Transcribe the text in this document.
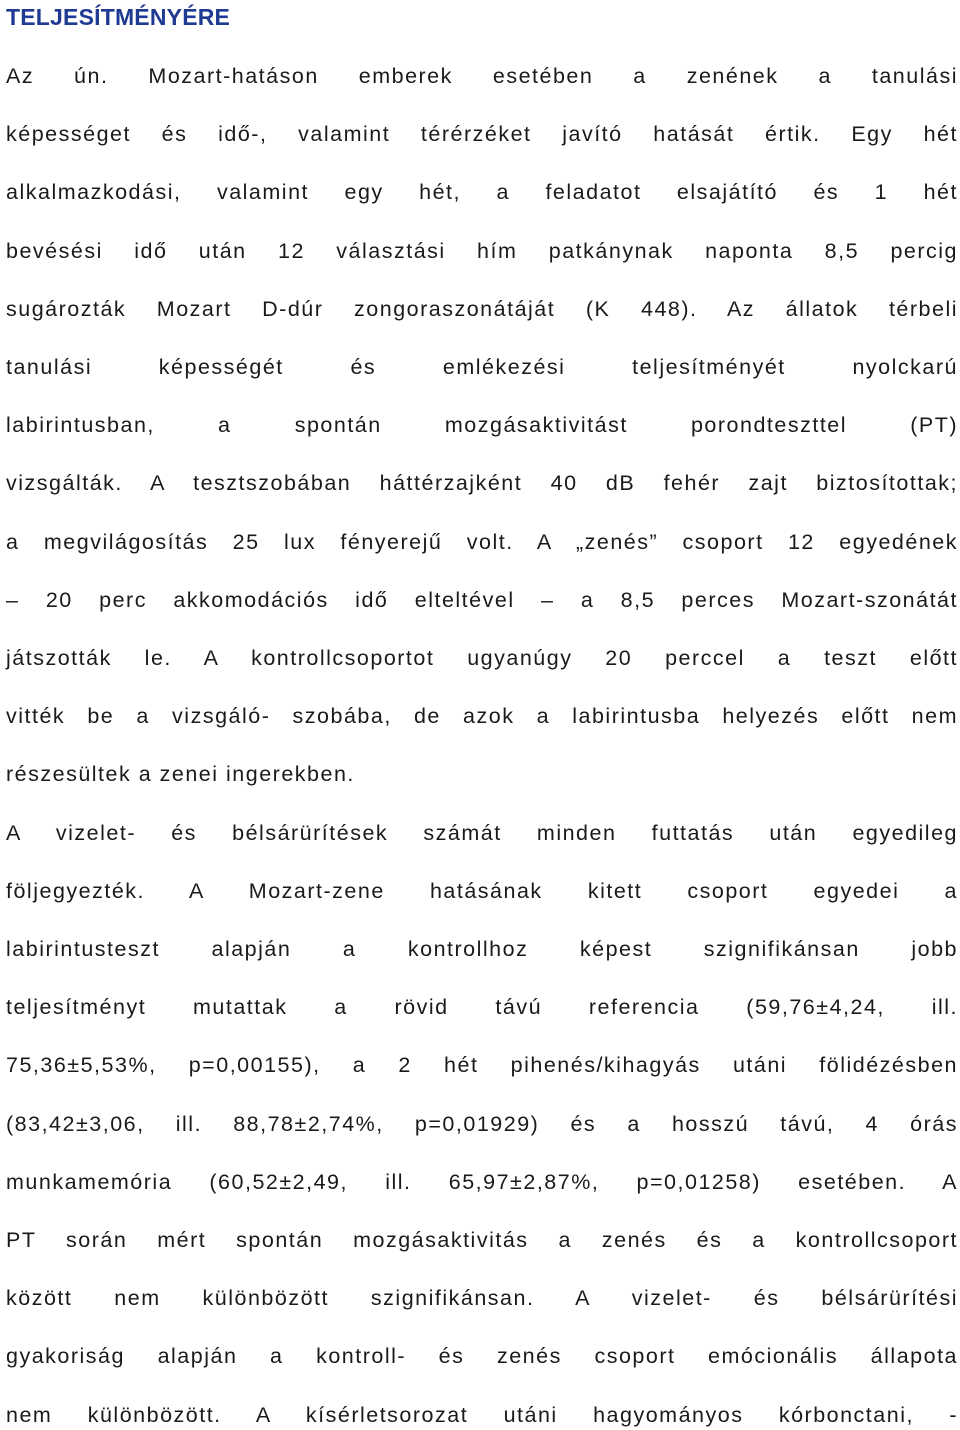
TELJESÍTMÉNYÉRE
Az ún. Mozart-hatáson emberek esetében a zenének a tanulási
képességet és idő-, valamint térérzéket javító hatását értik. Egy hét
alkalmazkodási, valamint egy hét, a feladatot elsajátító és 1 hét
bevésési idő után 12 választási hím patkánynak naponta 8,5 percig
sugározták Mozart D-dúr zongoraszonátáját (K 448). Az állatok térbeli
tanulási képességét és emlékezési teljesítményét nyolckarú
labirintusban, a spontán mozgásaktivitást porondteszttel (PT)
vizsgálták. A tesztszobában háttérzajként 40 dB fehér zajt biztosítottak;
a megvilágosítás 25 lux fényerejű volt. A „zenés” csoport 12 egyedének
– 20 perc akkomodációs idő elteltével – a 8,5 perces Mozart-szonátát
játszották le. A kontrollcsoportot ugyanúgy 20 perccel a teszt előtt
vitték be a vizsgáló- szobába, de azok a labirintusba helyezés előtt nem
részesültek a zenei ingerekben.
A vizelet- és bélsárürítések számát minden futtatás után egyedileg
följegyezték. A Mozart-zene hatásának kitett csoport egyedei a
labirintusteszt alapján a kontrollhoz képest szignifikánsan jobb
teljesítményt mutattak a rövid távú referencia (59,76±4,24, ill.
75,36±5,53%, p=0,00155), a 2 hét pihenés/kihagyás utáni fölidézésben
(83,42±3,06, ill. 88,78±2,74%, p=0,01929) és a hosszú távú, 4 órás
munkamemória (60,52±2,49, ill. 65,97±2,87%, p=0,01258) esetében. A
PT során mért spontán mozgásaktivitás a zenés és a kontrollcsoport
között nem különbözött szignifikánsan. A vizelet- és bélsárürítési
gyakoriság alapján a kontroll- és zenés csoport emócionális állapota
nem különbözött. A kísérletsorozat utáni hagyományos kórbonctani, -
